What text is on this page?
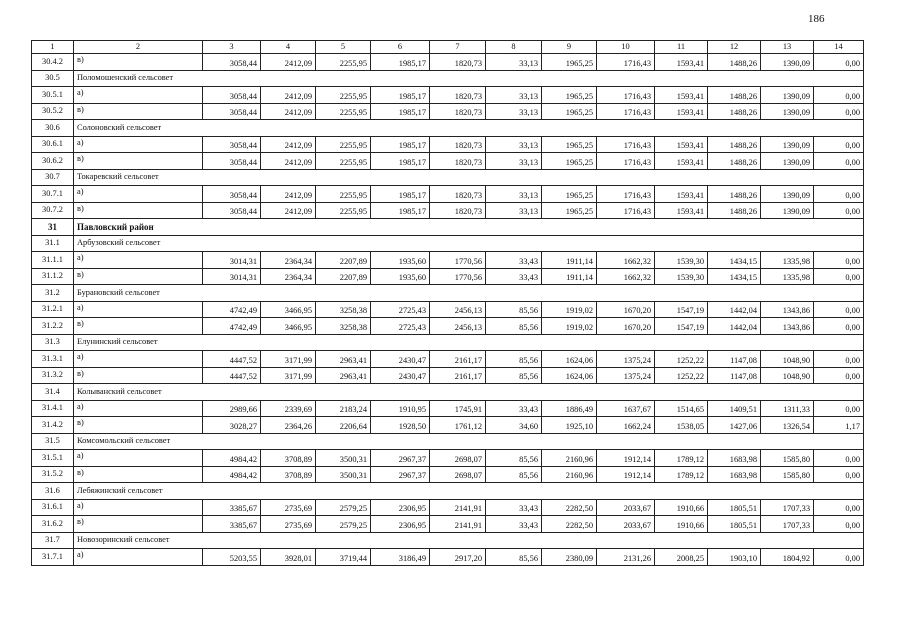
186
1	2	3	4	5	6	7	8	9	10	11	12	13	14
30.4.2	в)	3058,44	2412,09	2255,95	1985,17	1820,73	33,13	1965,25	1716,43	1593,41	1488,26	1390,09	0,00
30.5	Поломошенский сельсовет												
30.5.1	а)	3058,44	2412,09	2255,95	1985,17	1820,73	33,13	1965,25	1716,43	1593,41	1488,26	1390,09	0,00
30.5.2	в)	3058,44	2412,09	2255,95	1985,17	1820,73	33,13	1965,25	1716,43	1593,41	1488,26	1390,09	0,00
30.6	Солоновский сельсовет												
30.6.1	а)	3058,44	2412,09	2255,95	1985,17	1820,73	33,13	1965,25	1716,43	1593,41	1488,26	1390,09	0,00
30.6.2	в)	3058,44	2412,09	2255,95	1985,17	1820,73	33,13	1965,25	1716,43	1593,41	1488,26	1390,09	0,00
30.7	Токаревский сельсовет												
30.7.1	а)	3058,44	2412,09	2255,95	1985,17	1820,73	33,13	1965,25	1716,43	1593,41	1488,26	1390,09	0,00
30.7.2	в)	3058,44	2412,09	2255,95	1985,17	1820,73	33,13	1965,25	1716,43	1593,41	1488,26	1390,09	0,00
31	Павловский район												
31.1	Арбузовский сельсовет												
31.1.1	а)	3014,31	2364,34	2207,89	1935,60	1770,56	33,43	1911,14	1662,32	1539,30	1434,15	1335,98	0,00
31.1.2	в)	3014,31	2364,34	2207,89	1935,60	1770,56	33,43	1911,14	1662,32	1539,30	1434,15	1335,98	0,00
31.2	Бурановский сельсовет												
31.2.1	а)	4742,49	3466,95	3258,38	2725,43	2456,13	85,56	1919,02	1670,20	1547,19	1442,04	1343,86	0,00
31.2.2	в)	4742,49	3466,95	3258,38	2725,43	2456,13	85,56	1919,02	1670,20	1547,19	1442,04	1343,86	0,00
31.3	Елунинский сельсовет												
31.3.1	а)	4447,52	3171,99	2963,41	2430,47	2161,17	85,56	1624,06	1375,24	1252,22	1147,08	1048,90	0,00
31.3.2	в)	4447,52	3171,99	2963,41	2430,47	2161,17	85,56	1624,06	1375,24	1252,22	1147,08	1048,90	0,00
31.4	Колыванский сельсовет												
31.4.1	а)	2989,66	2339,69	2183,24	1910,95	1745,91	33,43	1886,49	1637,67	1514,65	1409,51	1311,33	0,00
31.4.2	в)	3028,27	2364,26	2206,64	1928,50	1761,12	34,60	1925,10	1662,24	1538,05	1427,06	1326,54	1,17
31.5	Комсомольский сельсовет												
31.5.1	а)	4984,42	3708,89	3500,31	2967,37	2698,07	85,56	2160,96	1912,14	1789,12	1683,98	1585,80	0,00
31.5.2	в)	4984,42	3708,89	3500,31	2967,37	2698,07	85,56	2160,96	1912,14	1789,12	1683,98	1585,80	0,00
31.6	Лебяжинский сельсовет												
31.6.1	а)	3385,67	2735,69	2579,25	2306,95	2141,91	33,43	2282,50	2033,67	1910,66	1805,51	1707,33	0,00
31.6.2	в)	3385,67	2735,69	2579,25	2306,95	2141,91	33,43	2282,50	2033,67	1910,66	1805,51	1707,33	0,00
31.7	Новозоринский сельсовет												
31.7.1	а)	5203,55	3928,01	3719,44	3186,49	2917,20	85,56	2380,09	2131,26	2008,25	1903,10	1804,92	0,00
